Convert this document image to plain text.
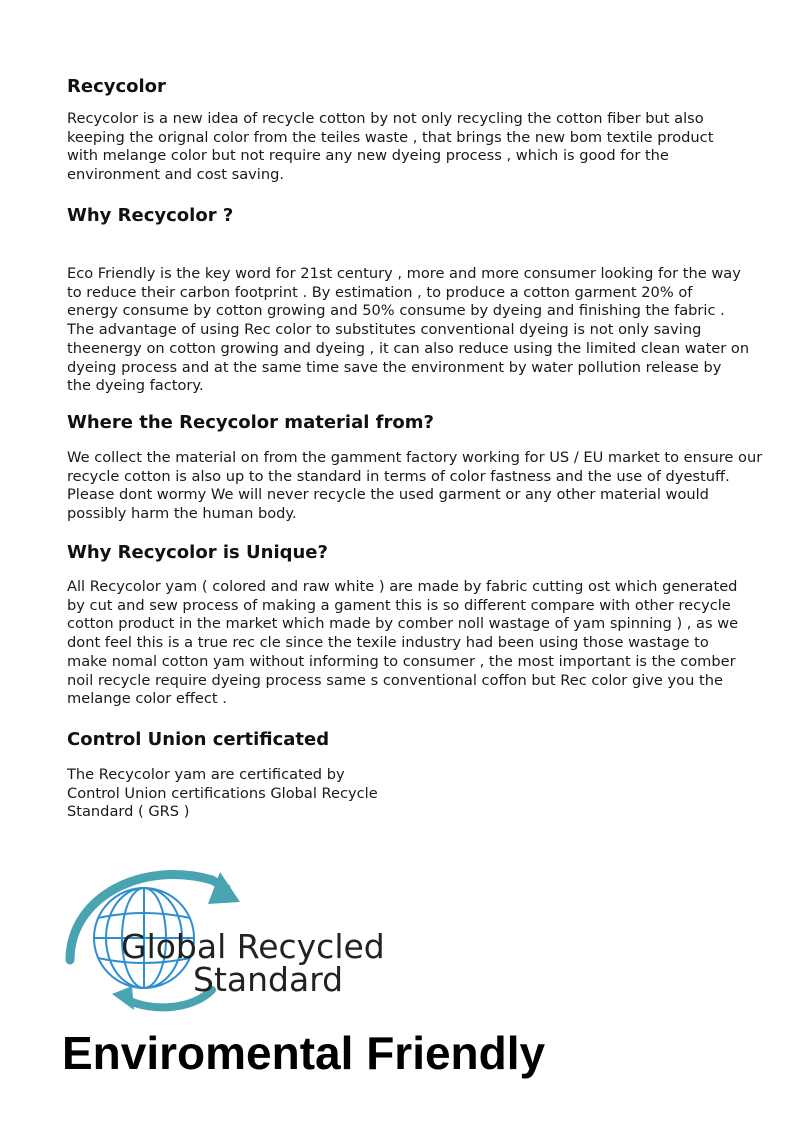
Recycolor

Recycolor is a new idea of recycle cotton by not only recycling the cotton fiber but also
keeping the orignal color from the teiles waste , that brings the new bom textile product
with melange color but not require any new dyeing process , which is good for the
environment and cost saving.

Why Recycolor ?

Eco Friendly is the key word for 21st century , more and more consumer looking for the way
to reduce their carbon footprint . By estimation , to produce a cotton garment 20% of
energy consume by cotton growing and 50% consume by dyeing and finishing the fabric .
The advantage of using Rec color to substitutes conventional dyeing is not only saving
theenergy on cotton growing and dyeing , it can also reduce using the limited clean water on
dyeing process and at the same time save the environment by water pollution release by
the dyeing factory.

Where the Recycolor material from?

We collect the material on from the gamment factory working for US / EU market to ensure our
recycle cotton is also up to the standard in terms of color fastness and the use of dyestuff.
Please dont wormy We will never recycle the used garment or any other material would
possibly harm the human body.

Why Recycolor is Unique?

All Recycolor yam ( colored and raw white ) are made by fabric cutting ost which generated
by cut and sew process of making a gament this is so different compare with other recycle
cotton product in the market which made by comber noll wastage of yam spinning ) , as we
dont feel this is a true rec cle since the texile industry had been using those wastage to
make nomal cotton yam without informing to consumer , the most important is the comber
noil recycle require dyeing process same s conventional coffon but Rec color give you the
melange color effect .

Control Union certificated

The Recycolor yam are certificated by
Control Union certifications Global Recycle
Standard ( GRS )

Global Recycled
Standard
Enviromental Friendly
